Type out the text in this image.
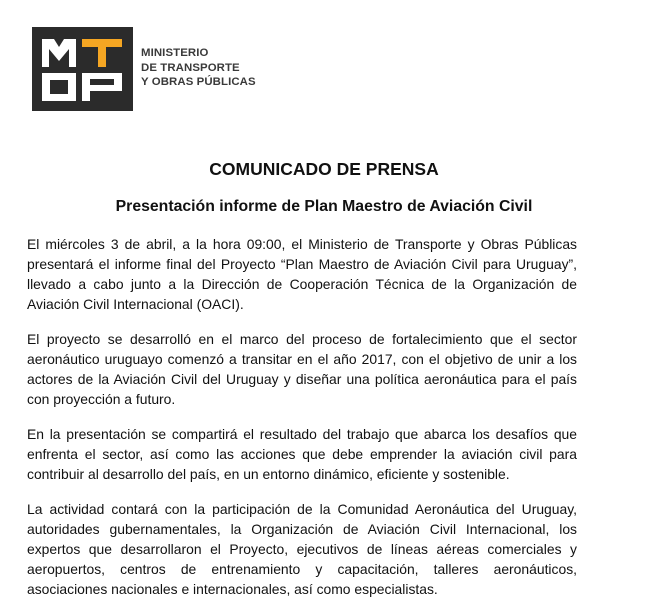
MINISTERIO
DE TRANSPORTE
Y OBRAS PÚBLICAS
COMUNICADO DE PRENSA
Presentación informe de Plan Maestro de Aviación Civil

El miércoles 3 de abril, a la hora 09:00, el Ministerio de Transporte y Obras Públicas presentará el informe final del Proyecto “Plan Maestro de Aviación Civil para Uruguay”, llevado a cabo junto a la Dirección de Cooperación Técnica de la Organización de Aviación Civil Internacional (OACI).

El proyecto se desarrolló en el marco del proceso de fortalecimiento que el sector aeronáutico uruguayo comenzó a transitar en el año 2017, con el objetivo de unir a los actores de la Aviación Civil del Uruguay y diseñar una política aeronáutica para el país con proyección a futuro.

En la presentación se compartirá el resultado del trabajo que abarca los desafíos que enfrenta el sector, así como las acciones que debe emprender la aviación civil para contribuir al desarrollo del país, en un entorno dinámico, eficiente y sostenible.

La actividad contará con la participación de la Comunidad Aeronáutica del Uruguay, autoridades gubernamentales, la Organización de Aviación Civil Internacional, los expertos que desarrollaron el Proyecto, ejecutivos de líneas aéreas comerciales y aeropuertos, centros de entrenamiento y capacitación, talleres aeronáuticos, asociaciones nacionales e internacionales, así como especialistas.
